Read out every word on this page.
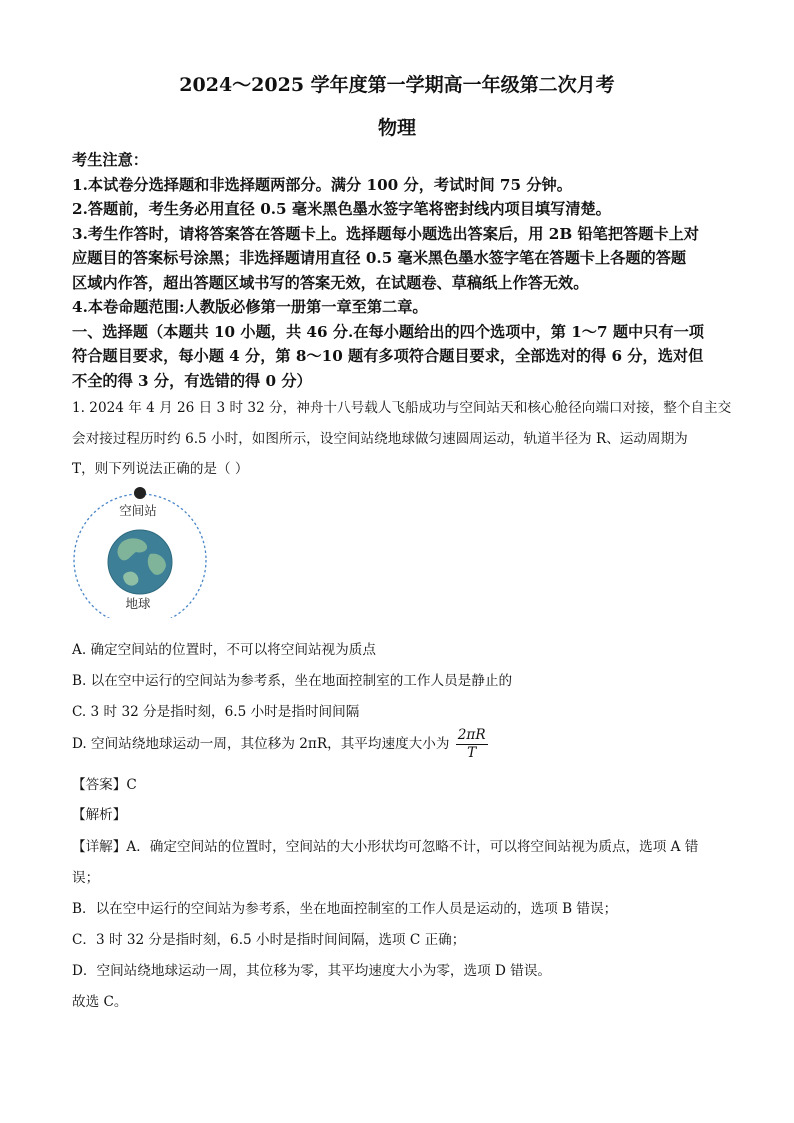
2024～2025 学年度第一学期高一年级第二次月考
物理
考生注意：
1.本试卷分选择题和非选择题两部分。满分 100 分，考试时间 75 分钟。
2.答题前，考生务必用直径 0.5 毫米黑色墨水签字笔将密封线内项目填写清楚。
3.考生作答时，请将答案答在答题卡上。选择题每小题选出答案后，用 2B 铅笔把答题卡上对
应题目的答案标号涂黑；非选择题请用直径 0.5 毫米黑色墨水签字笔在答题卡上各题的答题
区域内作答，超出答题区域书写的答案无效，在试题卷、草稿纸上作答无效。
4.本卷命题范围:人教版必修第一册第一章至第二章。
一、选择题（本题共 10 小题，共 46 分.在每小题给出的四个选项中，第 1～7 题中只有一项
符合题目要求，每小题 4 分，第 8～10 题有多项符合题目要求，全部选对的得 6 分，选对但
不全的得 3 分，有选错的得 0 分）
1. 2024 年 4 月 26 日 3 时 32 分，神舟十八号载人飞船成功与空间站天和核心舱径向端口对接，整个自主交
会对接过程历时约 6.5 小时，如图所示，设空间站绕地球做匀速圆周运动，轨道半径为 R、运动周期为
T，则下列说法正确的是（ ）
空间站
地球
A. 确定空间站的位置时，不可以将空间站视为质点
B. 以在空中运行的空间站为参考系，坐在地面控制室的工作人员是静止的
C. 3 时 32 分是指时刻，6.5 小时是指时间间隔
D. 空间站绕地球运动一周，其位移为 2πR，其平均速度大小为 $\frac{2\pi R}{T}$
【答案】C
【解析】
【详解】A．确定空间站的位置时，空间站的大小形状均可忽略不计，可以将空间站视为质点，选项 A 错
误；
B．以在空中运行的空间站为参考系，坐在地面控制室的工作人员是运动的，选项 B 错误；
C．3 时 32 分是指时刻，6.5 小时是指时间间隔，选项 C 正确；
D．空间站绕地球运动一周，其位移为零，其平均速度大小为零，选项 D 错误。
故选 C。
